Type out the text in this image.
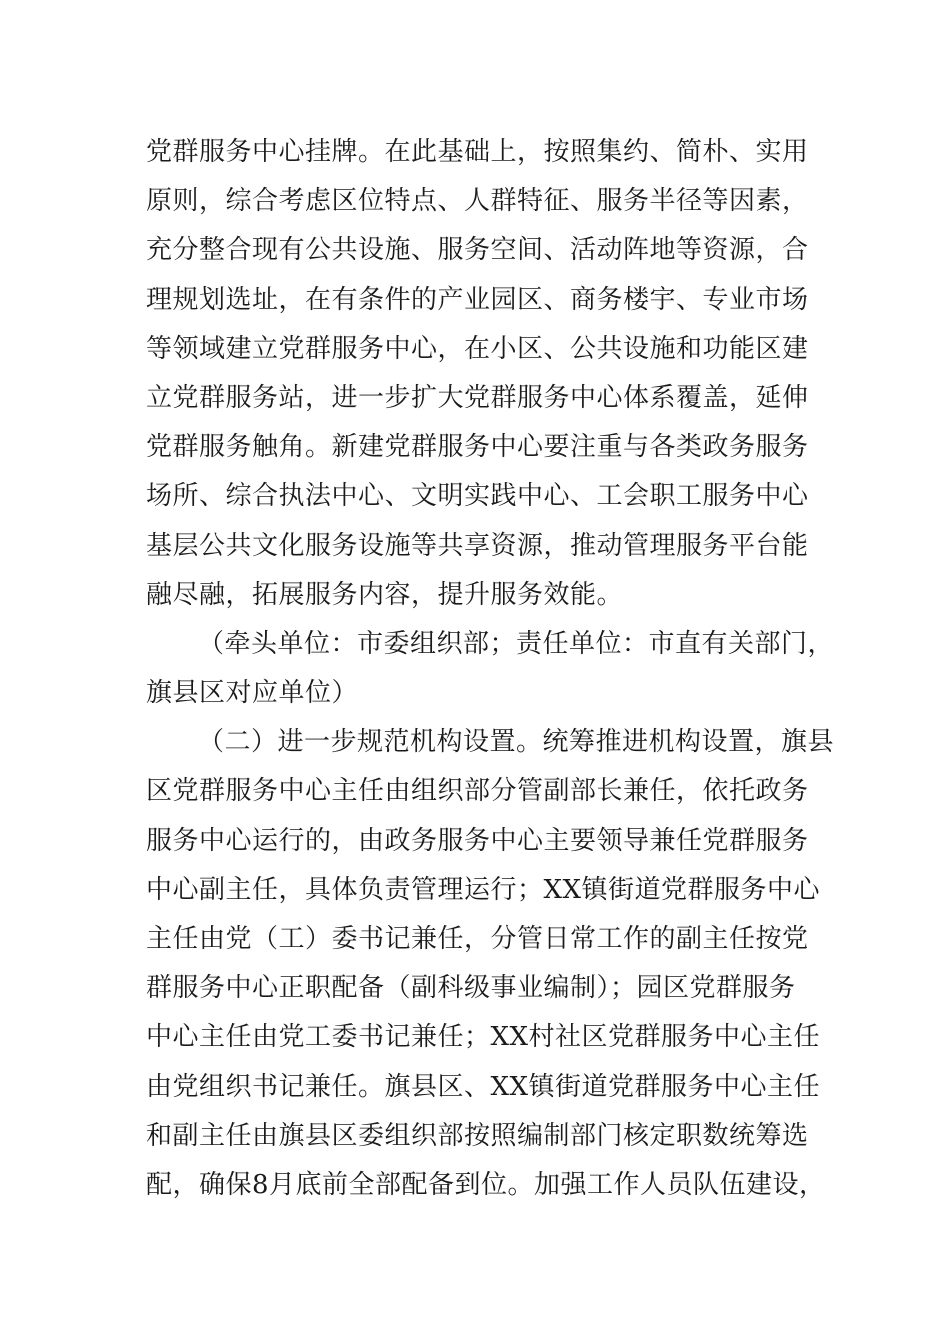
党群服务中心挂牌。在此基础上，按照集约、简朴、实用
原则，综合考虑区位特点、人群特征、服务半径等因素，
充分整合现有公共设施、服务空间、活动阵地等资源，合
理规划选址，在有条件的产业园区、商务楼宇、专业市场
等领域建立党群服务中心，在小区、公共设施和功能区建
立党群服务站，进一步扩大党群服务中心体系覆盖，延伸
党群服务触角。新建党群服务中心要注重与各类政务服务
场所、综合执法中心、文明实践中心、工会职工服务中心
基层公共文化服务设施等共享资源，推动管理服务平台能
融尽融，拓展服务内容，提升服务效能。
（牵头单位：市委组织部；责任单位：市直有关部门，
旗县区对应单位）
（二）进一步规范机构设置。统筹推进机构设置，旗县
区党群服务中心主任由组织部分管副部长兼任，依托政务
服务中心运行的，由政务服务中心主要领导兼任党群服务
中心副主任，具体负责管理运行；XX镇街道党群服务中心
主任由党（工）委书记兼任，分管日常工作的副主任按党
群服务中心正职配备（副科级事业编制）；园区党群服务
中心主任由党工委书记兼任；XX村社区党群服务中心主任
由党组织书记兼任。旗县区、XX镇街道党群服务中心主任
和副主任由旗县区委组织部按照编制部门核定职数统筹选
配，确保8月底前全部配备到位。加强工作人员队伍建设，
